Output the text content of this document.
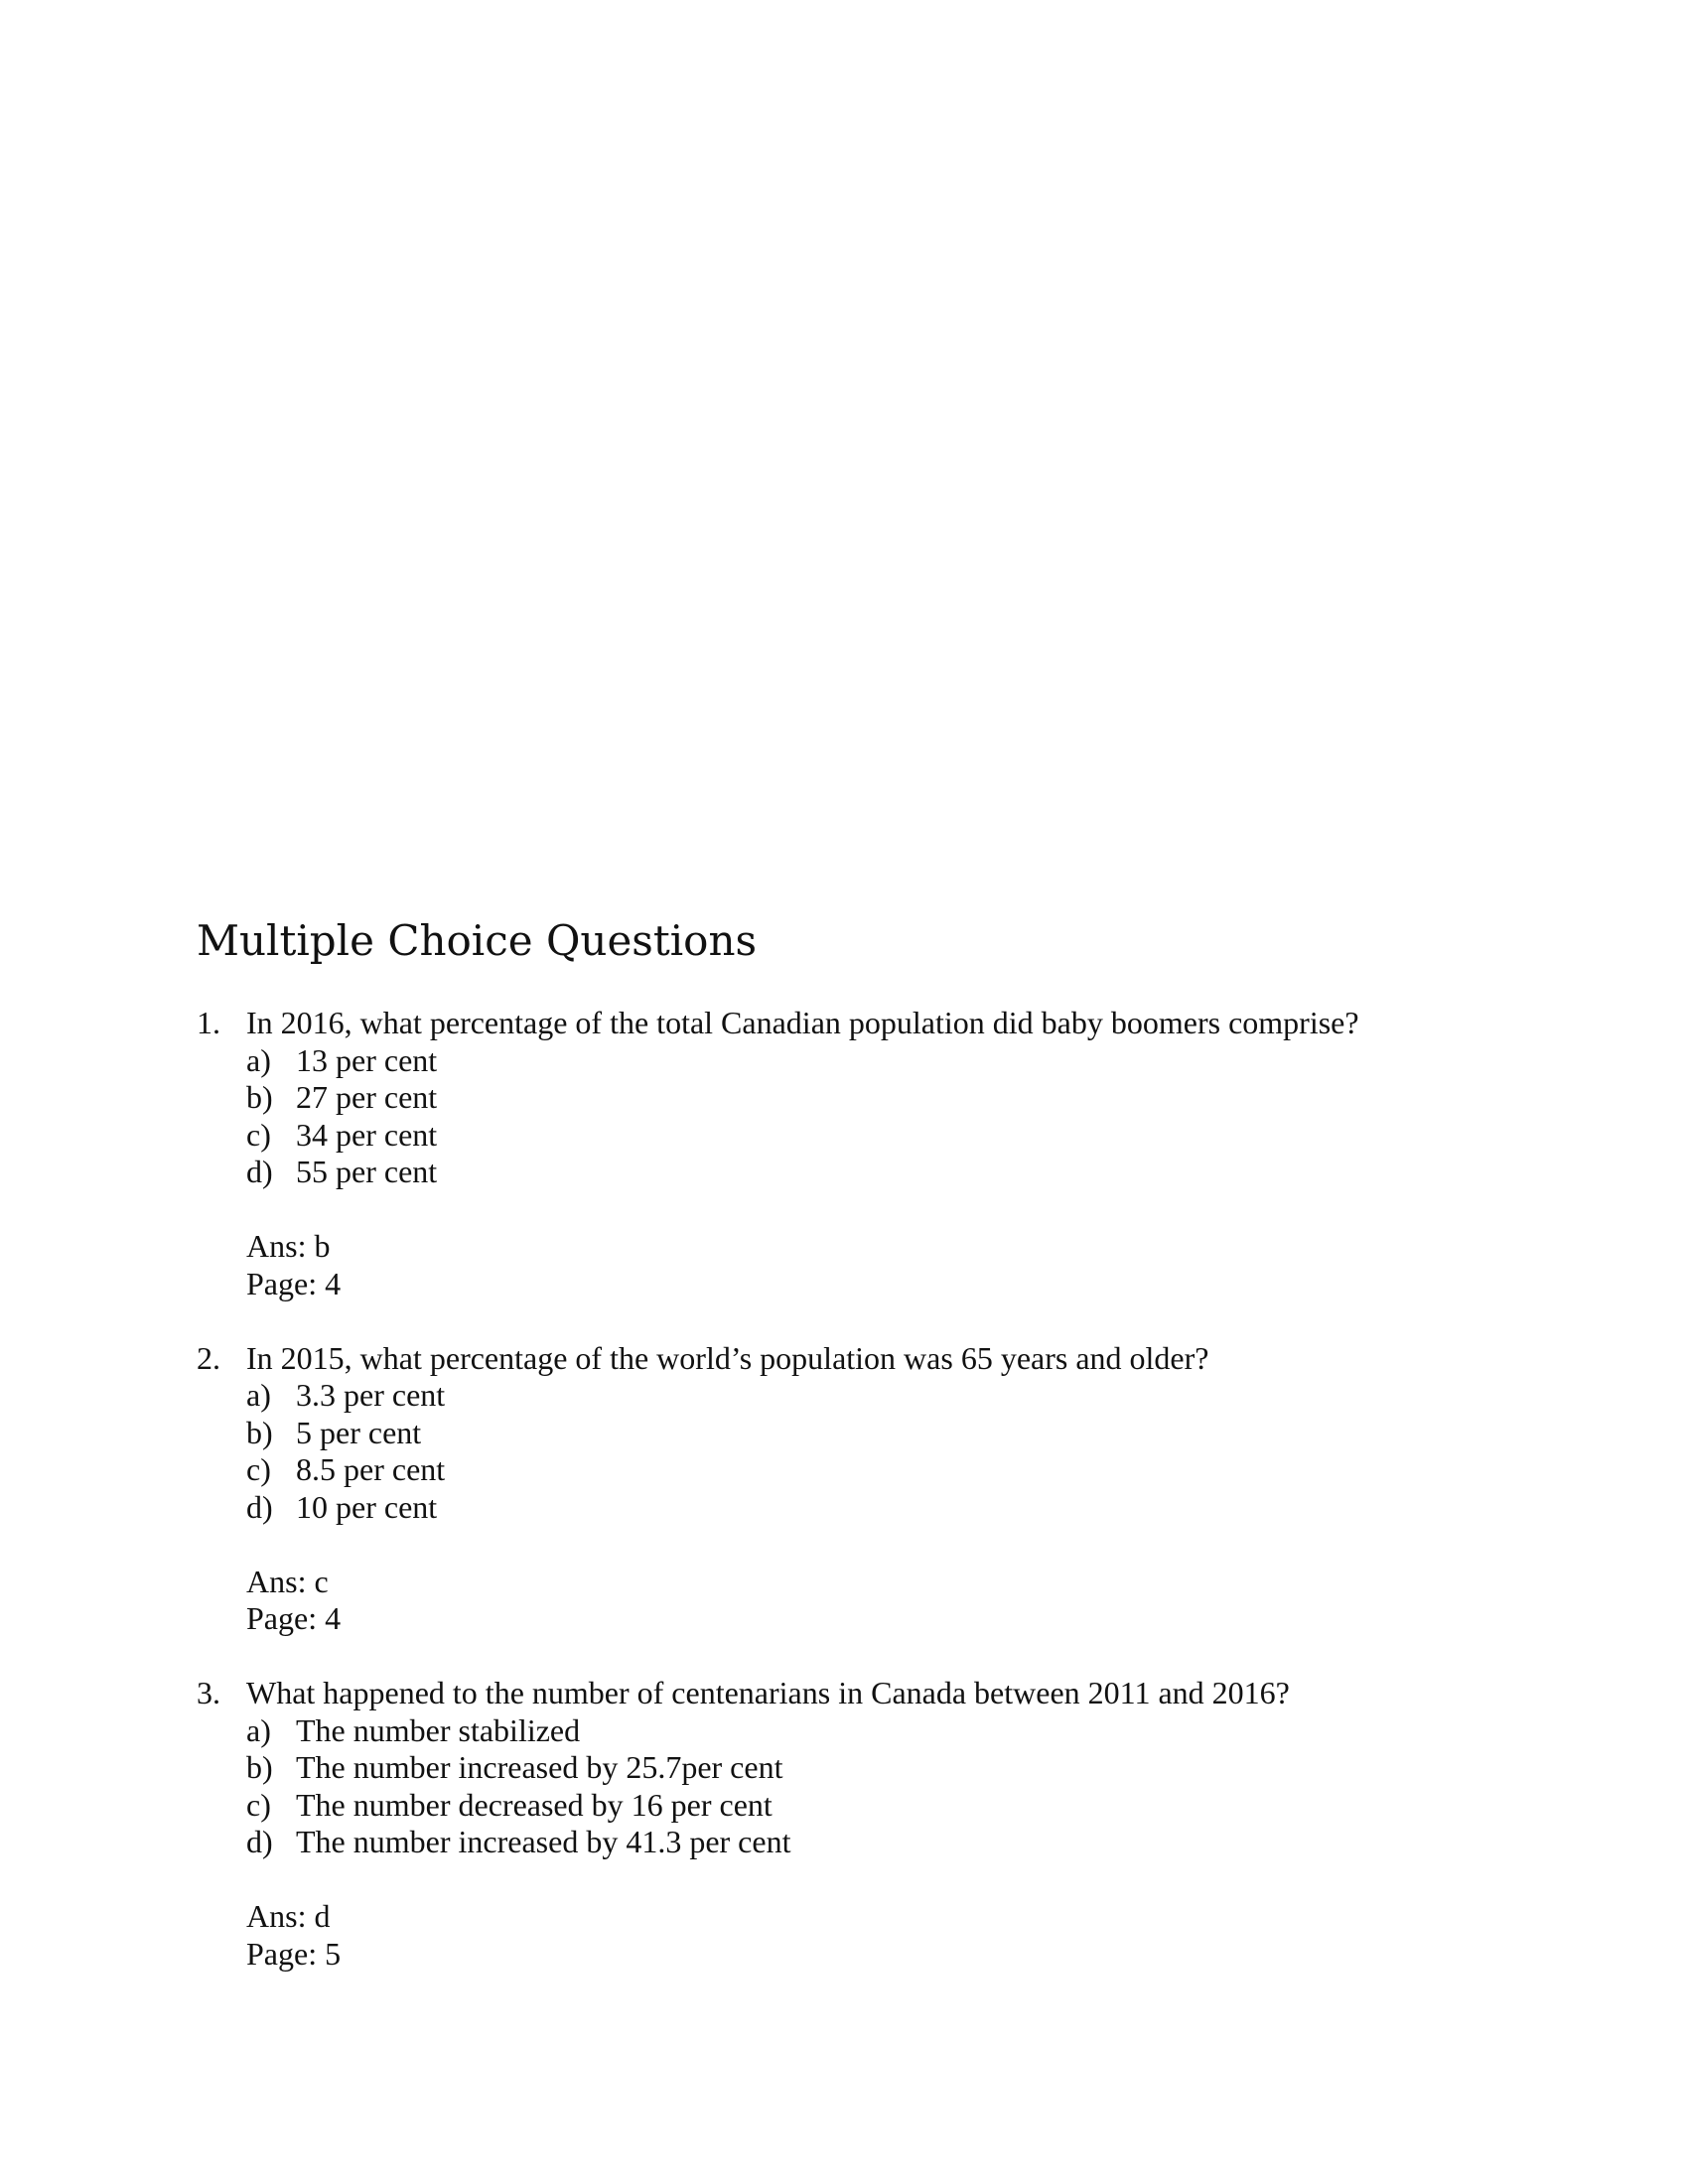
Multiple Choice Questions
1. In 2016, what percentage of the total Canadian population did baby boomers comprise?
a) 13 per cent
b) 27 per cent
c) 34 per cent
d) 55 per cent
Ans: b
Page: 4
2. In 2015, what percentage of the world’s population was 65 years and older?
a) 3.3 per cent
b) 5 per cent
c) 8.5 per cent
d) 10 per cent
Ans: c
Page: 4
3. What happened to the number of centenarians in Canada between 2011 and 2016?
a) The number stabilized
b) The number increased by 25.7per cent
c) The number decreased by 16 per cent
d) The number increased by 41.3 per cent
Ans: d
Page: 5
